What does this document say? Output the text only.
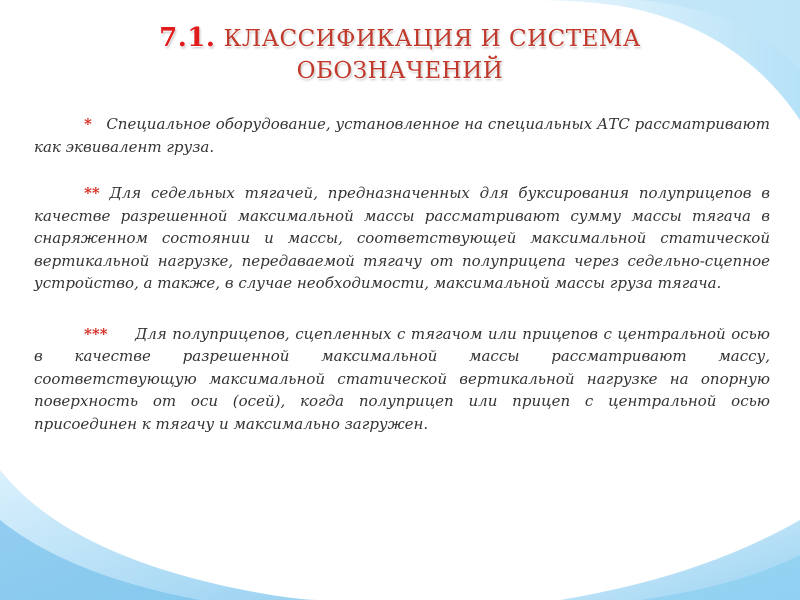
7.1. КЛАССИФИКАЦИЯ И СИСТЕМА
ОБОЗНАЧЕНИЙ

* Специальное оборудование, установленное на специальных АТС рассматривают как эквивалент груза.

** Для седельных тягачей, предназначенных для буксирования полуприцепов в качестве разрешенной максимальной массы рассматривают сумму массы тягача в снаряженном состоянии и массы, соответствующей максимальной статической вертикальной нагрузке, передаваемой тягачу от полуприцепа через седельно-сцепное устройство, а также, в случае необходимости, максимальной массы груза тягача.

*** Для полуприцепов, сцепленных с тягачом или прицепов с центральной осью в качестве разрешенной максимальной массы рассматривают массу, соответствующую максимальной статической вертикальной нагрузке на опорную поверхность от оси (осей), когда полуприцеп или прицеп с центральной осью присоединен к тягачу и максимально загружен.
